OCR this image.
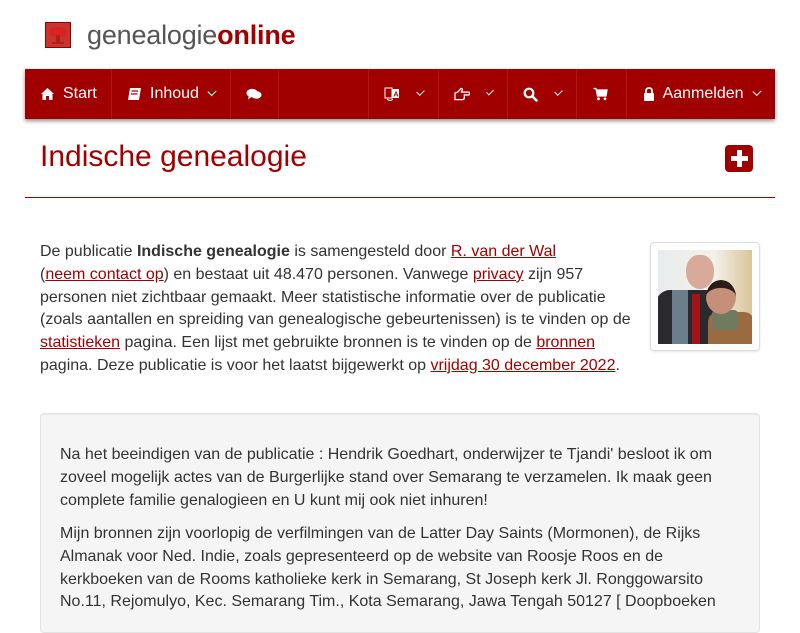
genealogieonline
Start	Inhoud	A	Aanmelden
Indische genealogie
De publicatie Indische genealogie is samengesteld door R. van der Wal
(neem contact op) en bestaat uit 48.470 personen. Vanwege privacy zijn 957 personen niet zichtbaar gemaakt. Meer statistische informatie over de publicatie (zoals aantallen en spreiding van genealogische gebeurtenissen) is te vinden op de statistieken pagina. Een lijst met gebruikte bronnen is te vinden op de bronnen pagina. Deze publicatie is voor het laatst bijgewerkt op vrijdag 30 december 2022.

Na het beeindigen van de publicatie : Hendrik Goedhart, onderwijzer te Tjandi' besloot ik om zoveel mogelijk actes van de Burgerlijke stand over Semarang te verzamelen. Ik maak geen complete familie genalogieen en U kunt mij ook niet inhuren!

Mijn bronnen zijn voorlopig de verfilmingen van de Latter Day Saints (Mormonen), de Rijks Almanak voor Ned. Indie, zoals gepresenteerd op de website van Roosje Roos en de kerkboeken van de Rooms katholieke kerk in Semarang, St Joseph kerk Jl. Ronggowarsito No.11, Rejomulyo, Kec. Semarang Tim., Kota Semarang, Jawa Tengah 50127 [ Doopboeken
